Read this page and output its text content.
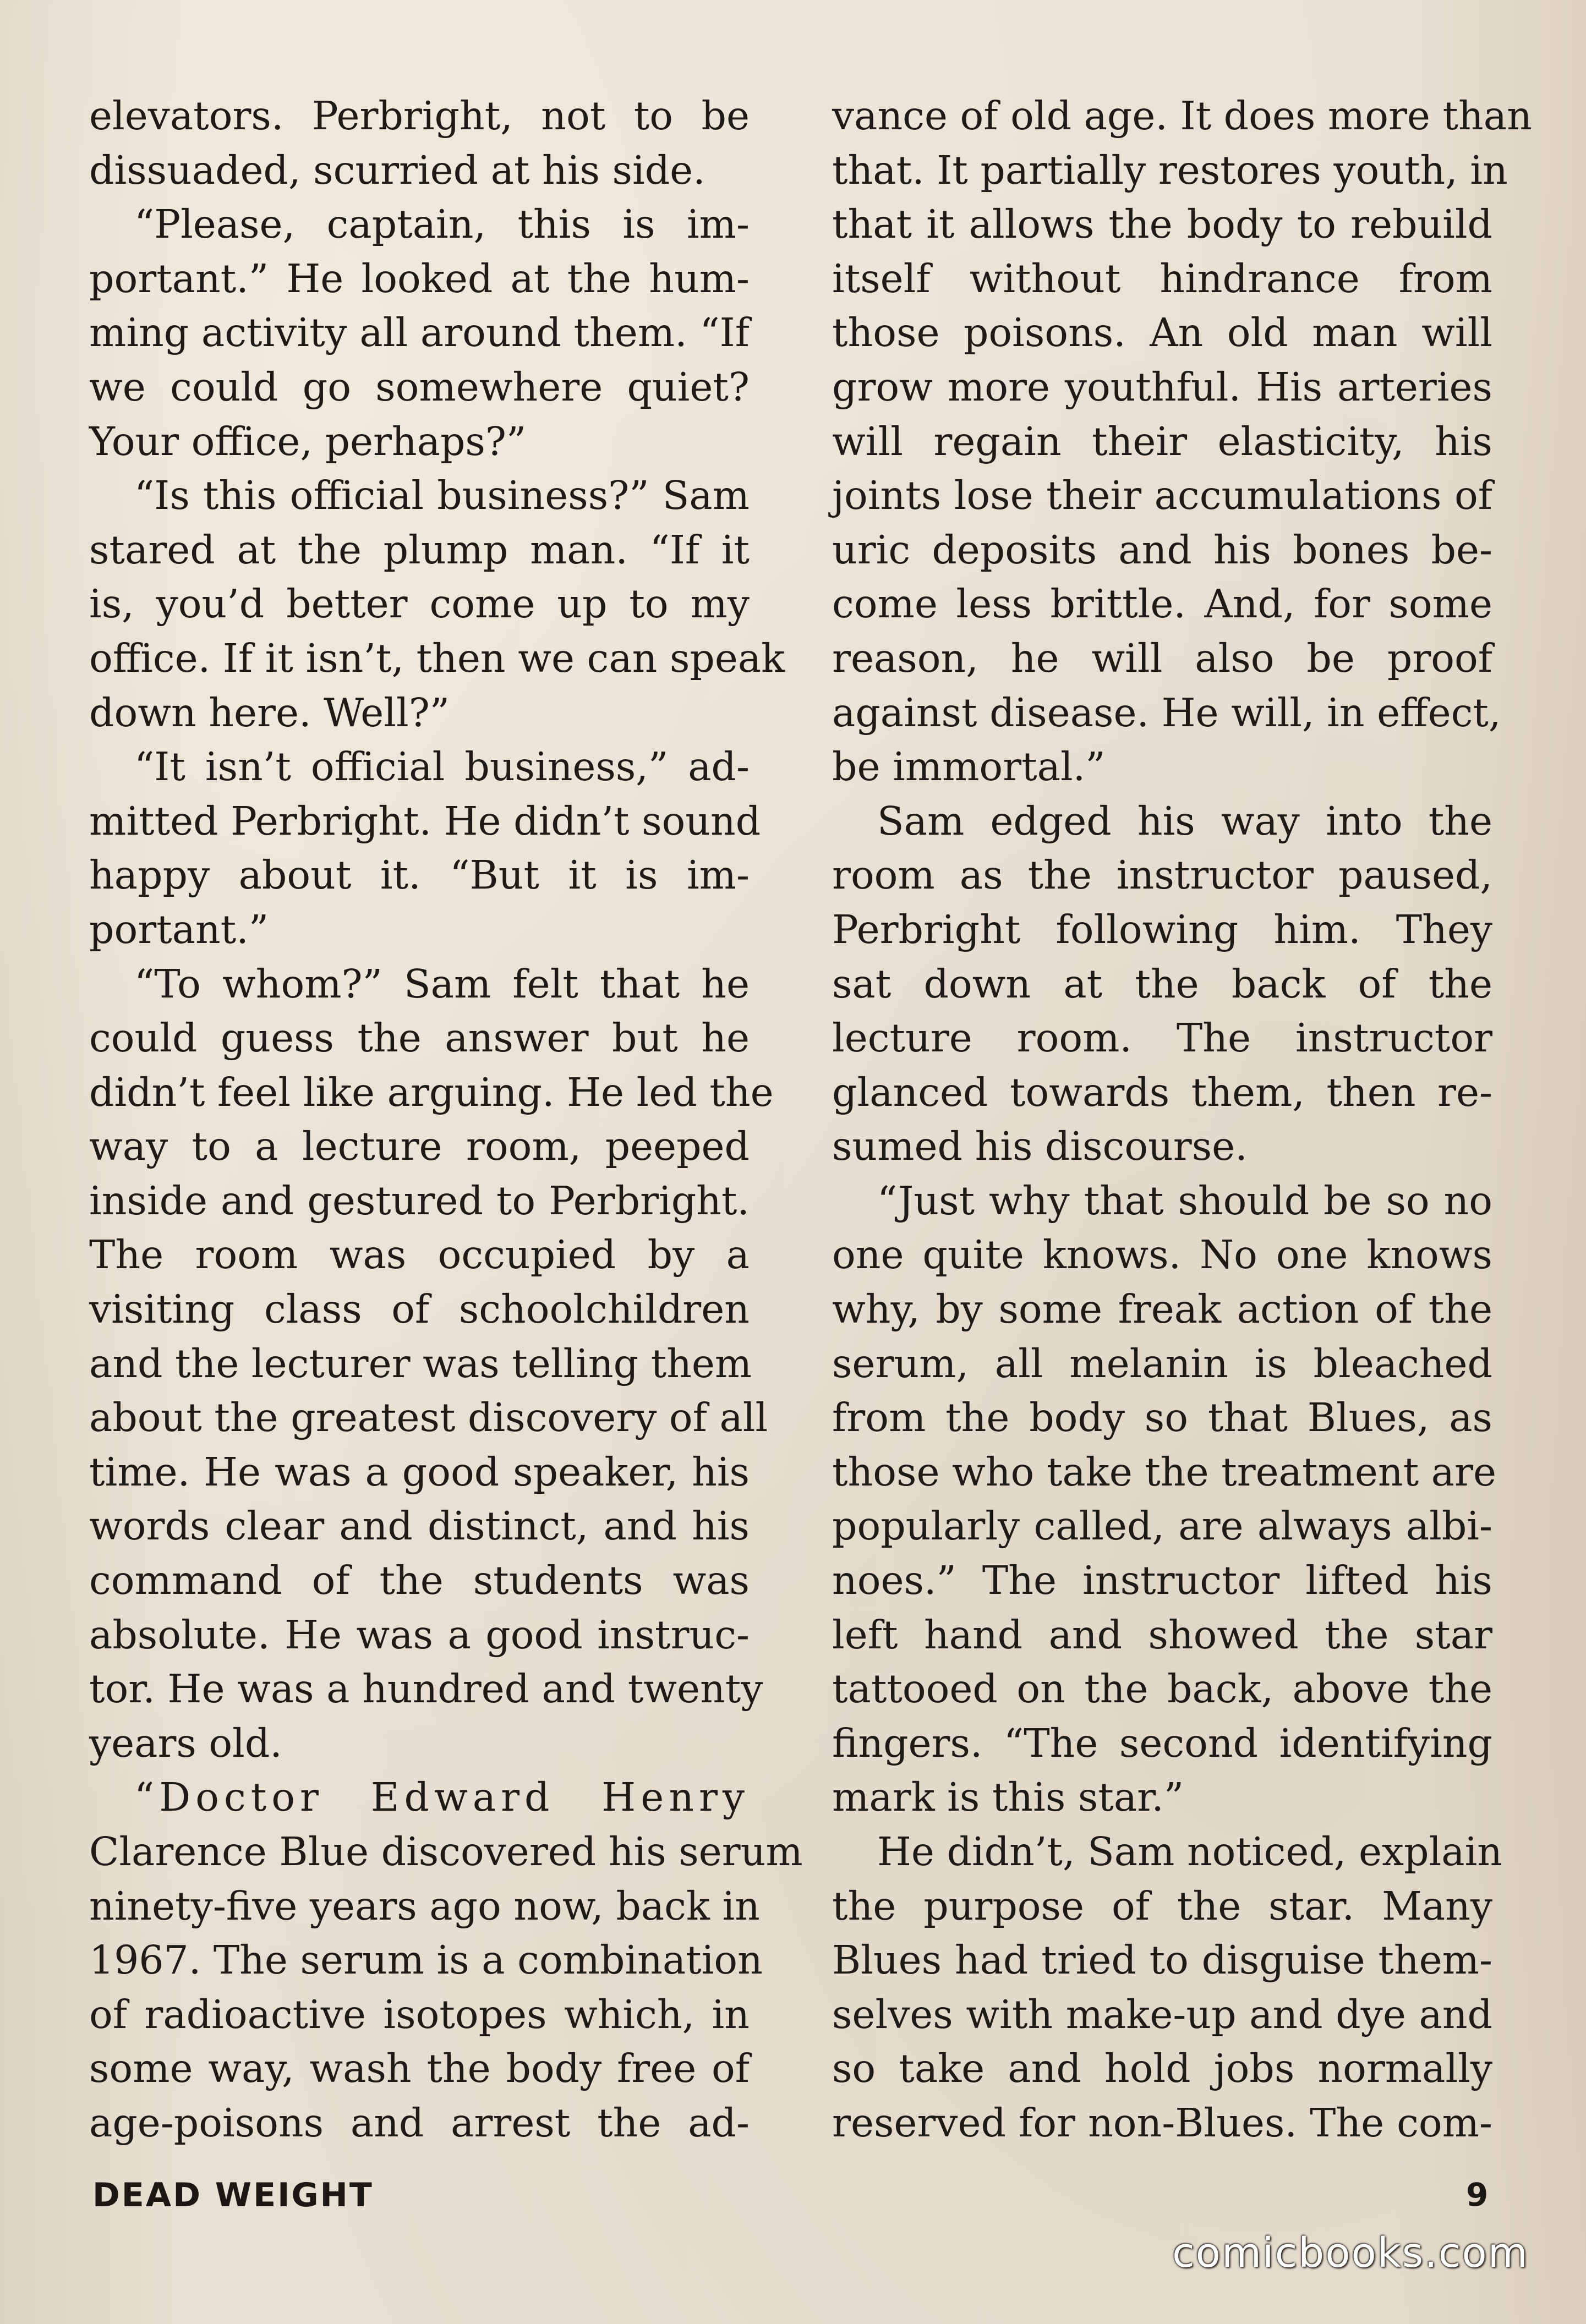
elevators. Perbright, not to be
dissuaded, scurried at his side.
“Please, captain, this is im-
portant.” He looked at the hum-
ming activity all around them. “If
we could go somewhere quiet?
Your office, perhaps?”
“Is this official business?” Sam
stared at the plump man. “If it
is, you’d better come up to my
office. If it isn’t, then we can speak
down here. Well?”
“It isn’t official business,” ad-
mitted Perbright. He didn’t sound
happy about it. “But it is im-
portant.”
“To whom?” Sam felt that he
could guess the answer but he
didn’t feel like arguing. He led the
way to a lecture room, peeped
inside and gestured to Perbright.
The room was occupied by a
visiting class of schoolchildren
and the lecturer was telling them
about the greatest discovery of all
time. He was a good speaker, his
words clear and distinct, and his
command of the students was
absolute. He was a good instruc-
tor. He was a hundred and twenty
years old.
“Doctor Edward Henry
Clarence Blue discovered his serum
ninety-five years ago now, back in
1967. The serum is a combination
of radioactive isotopes which, in
some way, wash the body free of
age-poisons and arrest the ad-
vance of old age. It does more than
that. It partially restores youth, in
that it allows the body to rebuild
itself without hindrance from
those poisons. An old man will
grow more youthful. His arteries
will regain their elasticity, his
joints lose their accumulations of
uric deposits and his bones be-
come less brittle. And, for some
reason, he will also be proof
against disease. He will, in effect,
be immortal.”
Sam edged his way into the
room as the instructor paused,
Perbright following him. They
sat down at the back of the
lecture room. The instructor
glanced towards them, then re-
sumed his discourse.
“Just why that should be so no
one quite knows. No one knows
why, by some freak action of the
serum, all melanin is bleached
from the body so that Blues, as
those who take the treatment are
popularly called, are always albi-
noes.” The instructor lifted his
left hand and showed the star
tattooed on the back, above the
fingers. “The second identifying
mark is this star.”
He didn’t, Sam noticed, explain
the purpose of the star. Many
Blues had tried to disguise them-
selves with make-up and dye and
so take and hold jobs normally
reserved for non-Blues. The com-
DEAD WEIGHT	9
comicbooks.com
